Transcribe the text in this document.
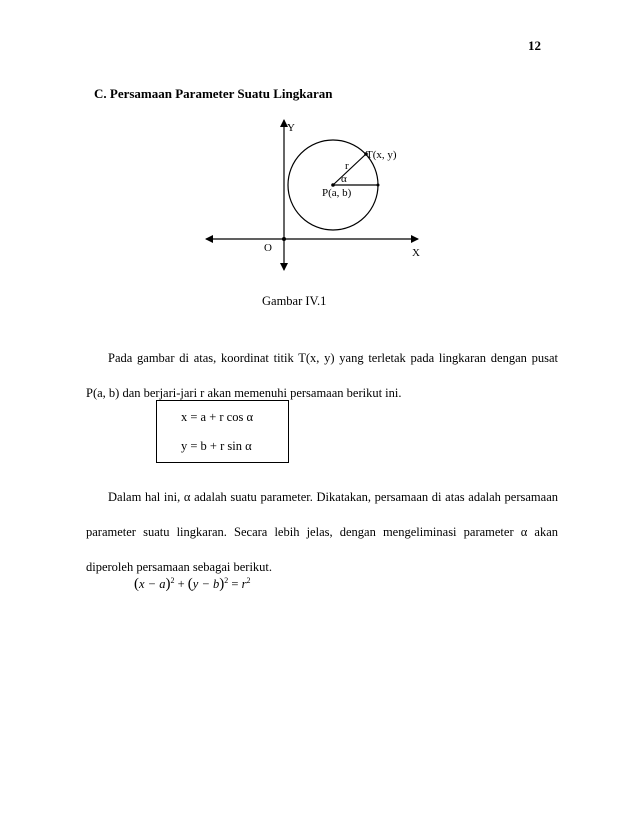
12
C. Persamaan Parameter Suatu Lingkaran
Y
X
O
T(x, y)
P(a, b)
r
α
Gambar IV.1

Pada gambar di atas, koordinat titik T(x, y) yang terletak pada lingkaran dengan pusat P(a, b) dan berjari-jari r akan memenuhi persamaan berikut ini.

x = a + r cos α
y = b + r sin α

Dalam hal ini, α adalah suatu parameter. Dikatakan, persamaan di atas adalah persamaan parameter suatu lingkaran. Secara lebih jelas, dengan mengeliminasi parameter α akan diperoleh persamaan sebagai berikut.

$(x - a)^2 + (y - b)^2 = r^2$
